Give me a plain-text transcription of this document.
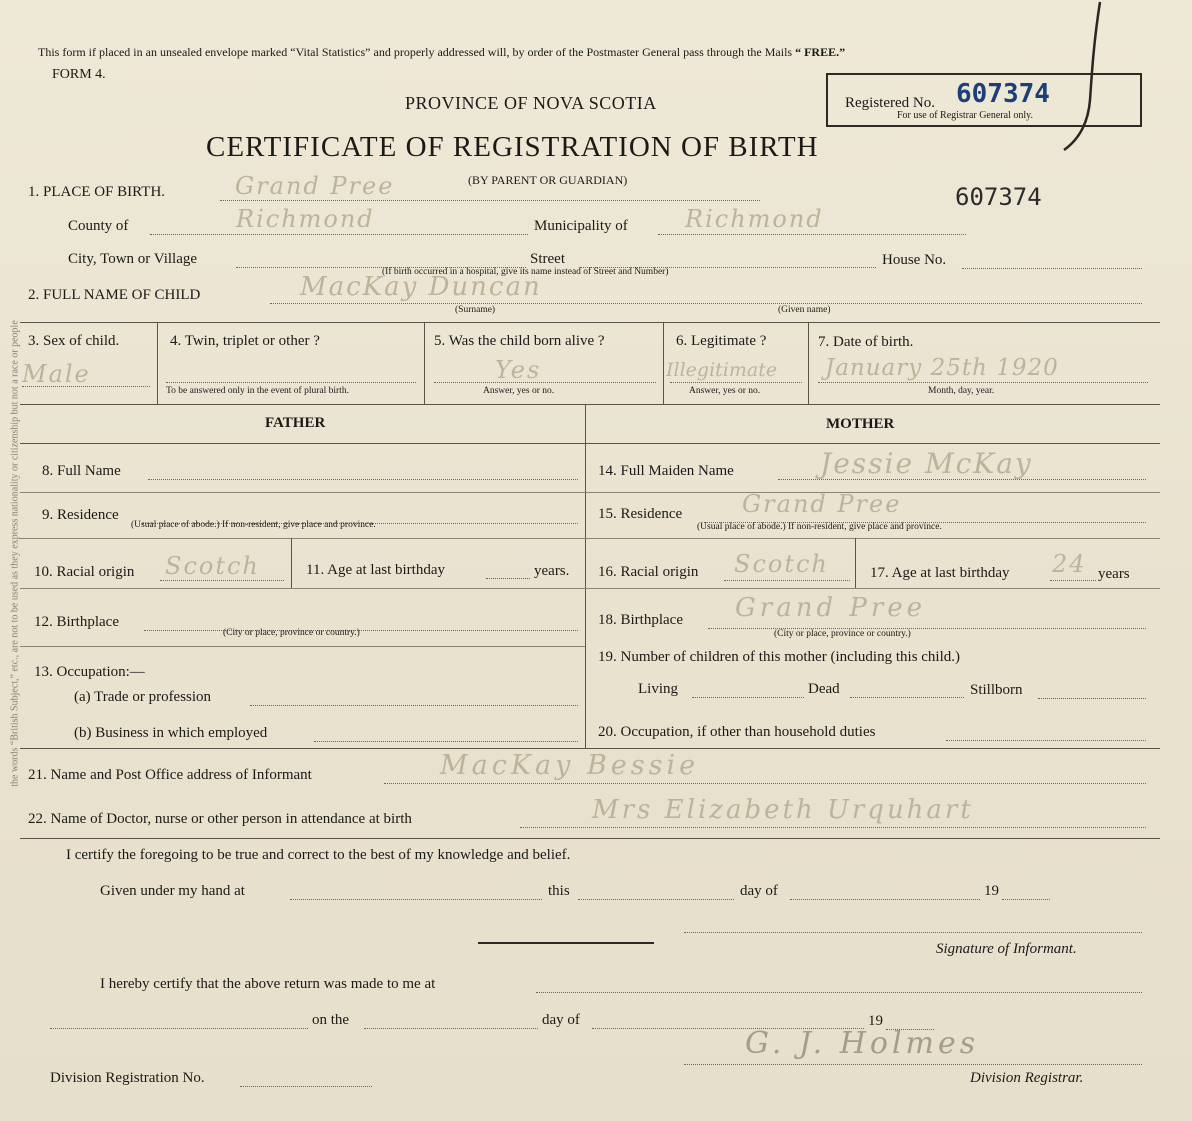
the words “British Subject,” etc., are not to be used as they express nationality or citizenship but not a race or people
This form if placed in an unsealed envelope marked “Vital Statistics” and properly addressed will, by order of the Postmaster General pass through the Mails “ FREE.”
FORM 4.
PROVINCE OF NOVA SCOTIA
CERTIFICATE OF REGISTRATION OF BIRTH
(BY PARENT OR GUARDIAN)
Registered No. 607374
For use of Registrar General only.
607374
1. PLACE OF BIRTH.	Grand Pree
County of	Richmond	Municipality of Richmond
City, Town or Village	Street	House No.
(If birth occurred in a hospital, give its name instead of Street and Number)
2. FULL NAME OF CHILD	MacKay Duncan
(Surname)	(Given name)
3. Sex of child.
Male
4. Twin, triplet or other ?
To be answered only in the event of plural birth.
5. Was the child born alive ?
Yes
Answer, yes or no.
6. Legitimate ?
Illegitimate
Answer, yes or no.
7. Date of birth.
January 25th 1920
Month, day, year.
FATHER	MOTHER
8. Full Name
9. Residence
(Usual place of abode.) If non-resident, give place and province.
10. Racial origin Scotch	11. Age at last birthday	years.
12. Birthplace
(City or place, province or country.)
13. Occupation:—
(a) Trade or profession
(b) Business in which employed
14. Full Maiden Name	Jessie McKay
15. Residence Grand Pree
(Usual place of abode.) If non-resident, give place and province.
16. Racial origin Scotch	17. Age at last birthday 24 years
18. Birthplace Grand Pree
(City or place, province or country.)
19. Number of children of this mother (including this child.)
Living	Dead	Stillborn
20. Occupation, if other than household duties
21. Name and Post Office address of Informant	MacKay Bessie
22. Name of Doctor, nurse or other person in attendance at birth	Mrs Elizabeth Urquhart
I certify the foregoing to be true and correct to the best of my knowledge and belief.
Given under my hand at	this	day of	19
Signature of Informant.
I hereby certify that the above return was made to me at
on the	day of	19
Division Registration No.
G. J. Holmes
Division Registrar.
